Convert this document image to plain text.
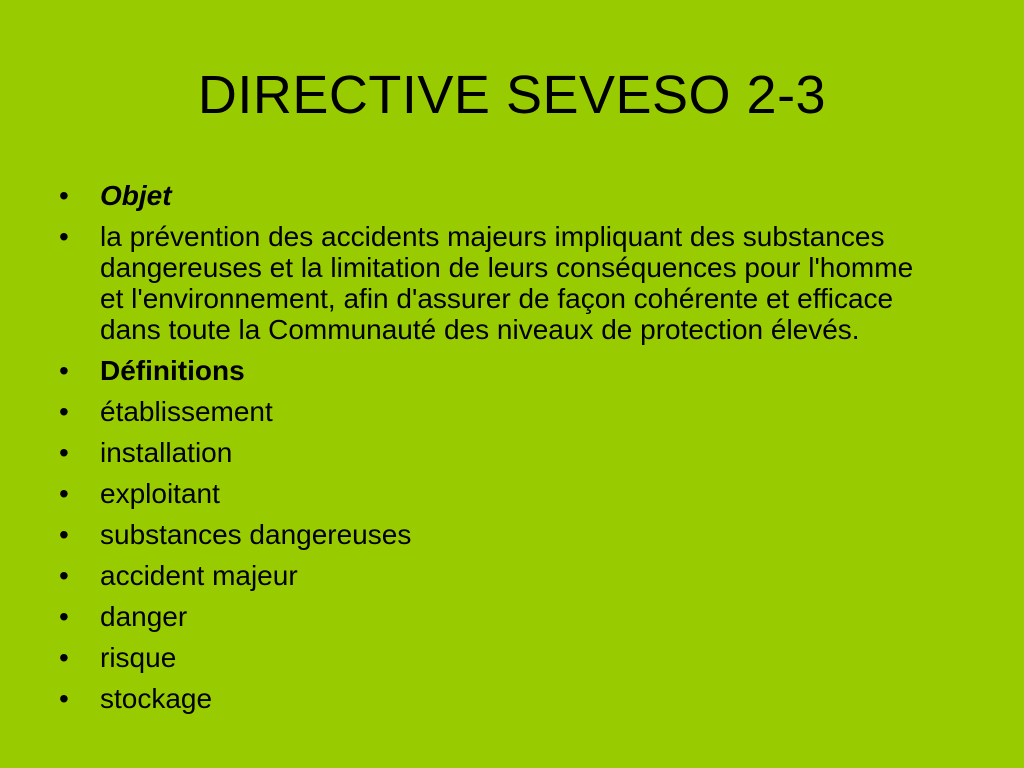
DIRECTIVE SEVESO 2-3
• Objet
• la prévention des accidents majeurs impliquant des substances dangereuses et la limitation de leurs conséquences pour l'homme et l'environnement, afin d'assurer de façon cohérente et efficace dans toute la Communauté des niveaux de protection élevés.
• Définitions
• établissement
• installation
• exploitant
• substances dangereuses
• accident majeur
• danger
• risque
• stockage
